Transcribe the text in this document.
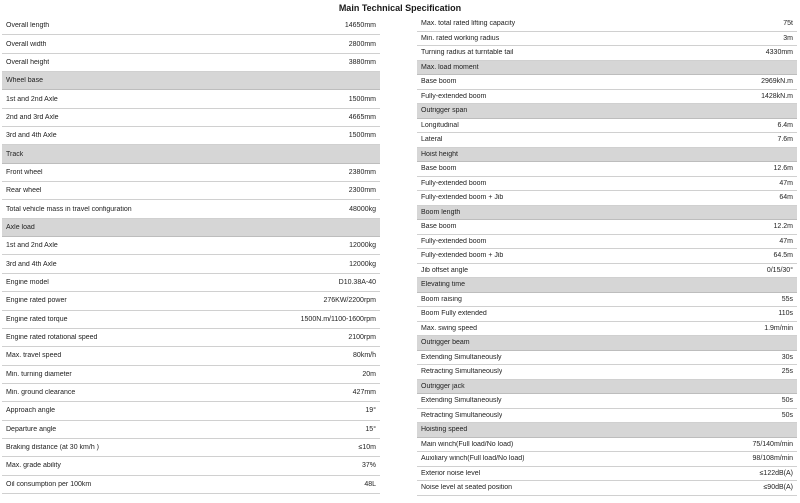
Main Technical Specification
Overall length	14650mm
Overall width	2800mm
Overall height	3880mm
Wheel base
1st and 2nd Axle	1500mm
2nd and 3rd Axle	4665mm
3rd and 4th Axle	1500mm
Track
Front wheel	2380mm
Rear wheel	2300mm
Total vehicle mass in travel configuration	48000kg
Axle load
1st and 2nd Axle	12000kg
3rd and 4th Axle	12000kg
Engine model	D10.38A-40
Engine rated power	276KW/2200rpm
Engine rated torque	1500N.m/1100-1600rpm
Engine rated rotational speed	2100rpm
Max. travel speed	80km/h
Min. turning diameter	20m
Min. ground clearance	427mm
Approach angle	19°
Departure angle	15°
Braking distance (at 30 km/h )	≤10m
Max. grade ability	37%
Oil consumption per 100km	48L
Max. total rated lifting capacity	75t
Min. rated working radius	3m
Turning radius at turntable tail	4330mm
Max. load moment
Base boom	2969kN.m
Fully-extended boom	1428kN.m
Outrigger span
Longitudinal	6.4m
Lateral	7.6m
Hoist height
Base boom	12.6m
Fully-extended boom	47m
Fully-extended boom + Jib	64m
Boom length
Base boom	12.2m
Fully-extended boom	47m
Fully-extended boom + Jib	64.5m
Jib offset angle	0/15/30°
Elevating time
Boom raising	55s
Boom Fully extended	110s
Max. swing speed	1.9m/min
Outrigger beam
Extending Simultaneously	30s
Retracting Simultaneously	25s
Outrigger jack
Extending Simultaneously	50s
Retracting Simultaneously	50s
Hoisting speed
Main winch(Full load/No load)	75/140m/min
Auxiliary winch(Full load/No load)	98/108m/min
Exterior noise level	≤122dB(A)
Noise level at seated position	≤90dB(A)
